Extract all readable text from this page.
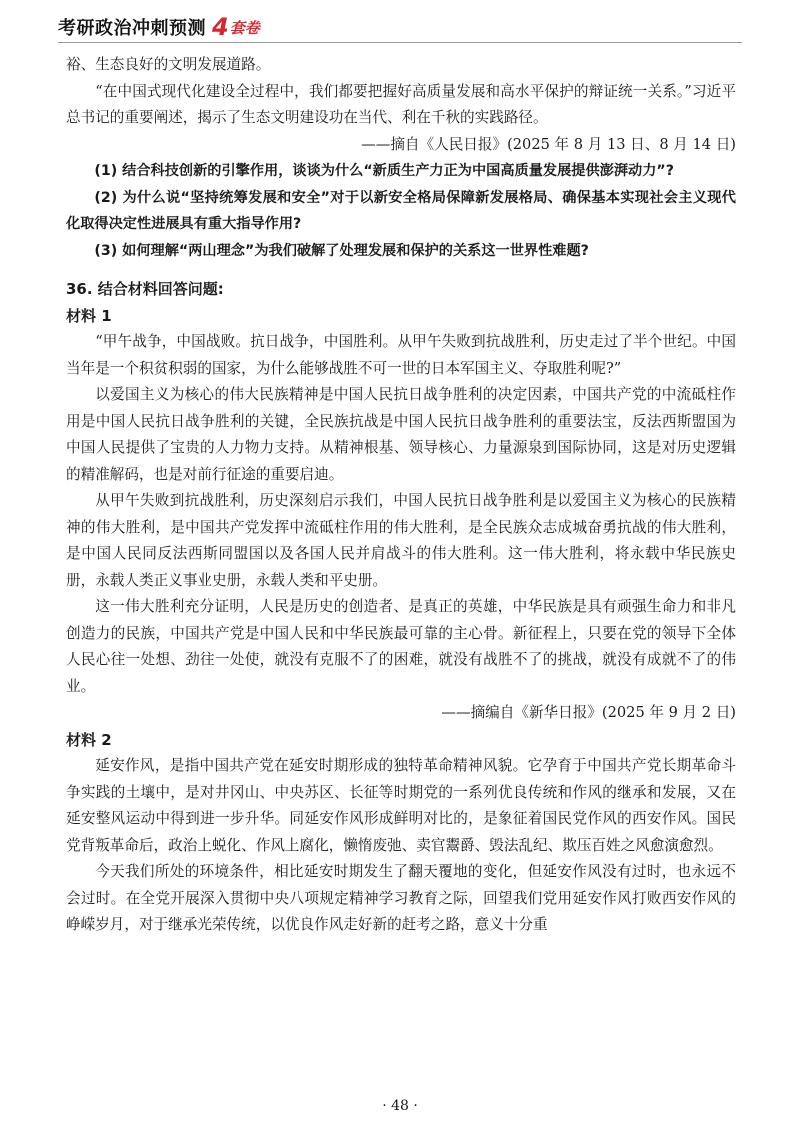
考研政治冲刺预测 4 套卷

裕、生态良好的文明发展道路。

“在中国式现代化建设全过程中，我们都要把握好高质量发展和高水平保护的辩证统一关系。”习近平总书记的重要阐述，揭示了生态文明建设功在当代、利在千秋的实践路径。

——摘自《人民日报》(2025 年 8 月 13 日、8 月 14 日)

(1) 结合科技创新的引擎作用，谈谈为什么“新质生产力正为中国高质量发展提供澎湃动力”?

(2) 为什么说“坚持统筹发展和安全”对于以新安全格局保障新发展格局、确保基本实现社会主义现代化取得决定性进展具有重大指导作用?

(3) 如何理解“两山理念”为我们破解了处理发展和保护的关系这一世界性难题?

36. 结合材料回答问题:

材料 1

“甲午战争，中国战败。抗日战争，中国胜利。从甲午失败到抗战胜利，历史走过了半个世纪。中国当年是一个积贫积弱的国家，为什么能够战胜不可一世的日本军国主义、夺取胜利呢?”

以爱国主义为核心的伟大民族精神是中国人民抗日战争胜利的决定因素，中国共产党的中流砥柱作用是中国人民抗日战争胜利的关键，全民族抗战是中国人民抗日战争胜利的重要法宝，反法西斯盟国为中国人民提供了宝贵的人力物力支持。从精神根基、领导核心、力量源泉到国际协同，这是对历史逻辑的精准解码，也是对前行征途的重要启迪。

从甲午失败到抗战胜利，历史深刻启示我们，中国人民抗日战争胜利是以爱国主义为核心的民族精神的伟大胜利，是中国共产党发挥中流砥柱作用的伟大胜利，是全民族众志成城奋勇抗战的伟大胜利，是中国人民同反法西斯同盟国以及各国人民并肩战斗的伟大胜利。这一伟大胜利，将永载中华民族史册，永载人类正义事业史册，永载人类和平史册。

这一伟大胜利充分证明，人民是历史的创造者、是真正的英雄，中华民族是具有顽强生命力和非凡创造力的民族，中国共产党是中国人民和中华民族最可靠的主心骨。新征程上，只要在党的领导下全体人民心往一处想、劲往一处使，就没有克服不了的困难，就没有战胜不了的挑战，就没有成就不了的伟业。

——摘编自《新华日报》(2025 年 9 月 2 日)

材料 2

延安作风，是指中国共产党在延安时期形成的独特革命精神风貌。它孕育于中国共产党长期革命斗争实践的土壤中，是对井冈山、中央苏区、长征等时期党的一系列优良传统和作风的继承和发展，又在延安整风运动中得到进一步升华。同延安作风形成鲜明对比的，是象征着国民党作风的西安作风。国民党背叛革命后，政治上蜕化、作风上腐化，懒惰废弛、卖官鬻爵、毁法乱纪、欺压百姓之风愈演愈烈。

今天我们所处的环境条件，相比延安时期发生了翻天覆地的变化，但延安作风没有过时，也永远不会过时。在全党开展深入贯彻中央八项规定精神学习教育之际，回望我们党用延安作风打败西安作风的峥嵘岁月，对于继承光荣传统，以优良作风走好新的赶考之路，意义十分重

· 48 ·
